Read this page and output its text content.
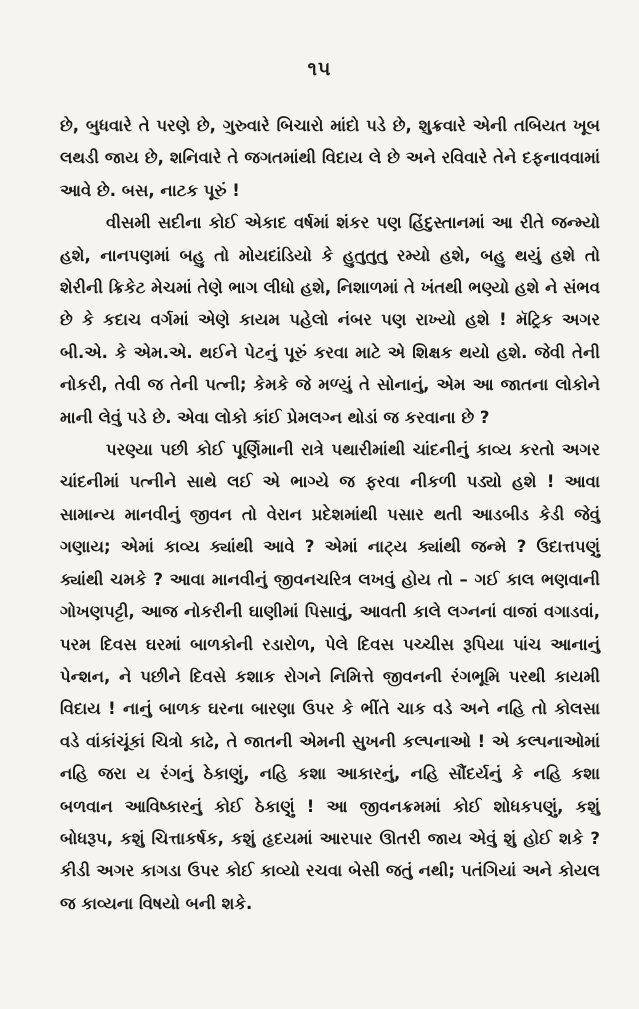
૧૫

છે, બુધવારે તે પરણે છે, ગુરુવારે બિચારો માંદો પડે છે, શુક્રવારે એની તબિયત ખૂબ લથડી જાય છે, શનિવારે તે જગતમાંથી વિદાય લે છે અને રવિવારે તેને દફનાવવામાં આવે છે. બસ, નાટક પૂરું !

વીસમી સદીના કોઈ એકાદ વર્ષમાં શંકર પણ હિંદુસ્તાનમાં આ રીતે જન્મ્યો હશે, નાનપણમાં બહુ તો મોયદાંડિયો કે હુતુતુતુ રમ્યો હશે, બહુ થયું હશે તો શેરીની ક્રિકેટ મેચમાં તેણે ભાગ લીધો હશે, નિશાળમાં તે ખંતથી ભણ્યો હશે ને સંભવ છે કે કદાચ વર્ગમાં એણે કાયમ પહેલો નંબર પણ રાખ્યો હશે ! મૅટ્રિક અગર બી.એ. કે એમ.એ. થઈને પેટનું પૂરું કરવા માટે એ શિક્ષક થયો હશે. જેવી તેની નોકરી, તેવી જ તેની પત્ની; કેમકે જે મળ્યું તે સોનાનું, એમ આ જાતના લોકોને માની લેવું પડે છે. એવા લોકો કાંઈ પ્રેમલગ્ન થોડાં જ કરવાના છે ?

પરણ્યા પછી કોઈ પૂર્ણિમાની રાત્રે પથારીમાંથી ચાંદનીનું કાવ્ય કરતો અગર ચાંદનીમાં પત્નીને સાથે લઈ એ ભાગ્યે જ ફરવા નીકળી પડ્યો હશે ! આવા સામાન્ય માનવીનું જીવન તો વેરાન પ્રદેશમાંથી પસાર થતી આડબીડ કેડી જેવું ગણાય; એમાં કાવ્ય ક્યાંથી આવે ? એમાં નાટ્ય ક્યાંથી જન્મે ? ઉદાત્તપણું ક્યાંથી ચમકે ? આવા માનવીનું જીવનચરિત્ર લખવું હોય તો – ગઈ કાલ ભણવાની ગોખણપટ્ટી, આજ નોકરીની ઘાણીમાં પિસાવું, આવતી કાલે લગ્નનાં વાજાં વગાડવાં, પરમ દિવસ ઘરમાં બાળકોની રડારોળ, પેલે દિવસ પચ્ચીસ રૂપિયા પાંચ આનાનું પેન્શન, ને પછીને દિવસે કશાક રોગને નિમિત્તે જીવનની રંગભૂમિ પરથી કાયમી વિદાય ! નાનું બાળક ઘરના બારણા ઉપર કે ભીંતે ચાક વડે અને નહિ તો કોલસા વડે વાંકાંચૂંકાં ચિત્રો કાઢે, તે જાતની એમની સુખની કલ્પનાઓ ! એ કલ્પનાઓમાં નહિ જરા ય રંગનું ઠેકાણું, નહિ કશા આકારનું, નહિ સૌંદર્યનું કે નહિ કશા બળવાન આવિષ્કારનું કોઈ ઠેકાણું ! આ જીવનક્રમમાં કોઈ શોધકપણું, કશું બોધરૂપ, કશું ચિત્તાકર્ષક, કશું હૃદયમાં આરપાર ઊતરી જાય એવું શું હોઈ શકે ? કીડી અગર કાગડા ઉપર કોઈ કાવ્યો રચવા બેસી જતું નથી; પતંગિયાં અને કોયલ જ કાવ્યના વિષયો બની શકે.
